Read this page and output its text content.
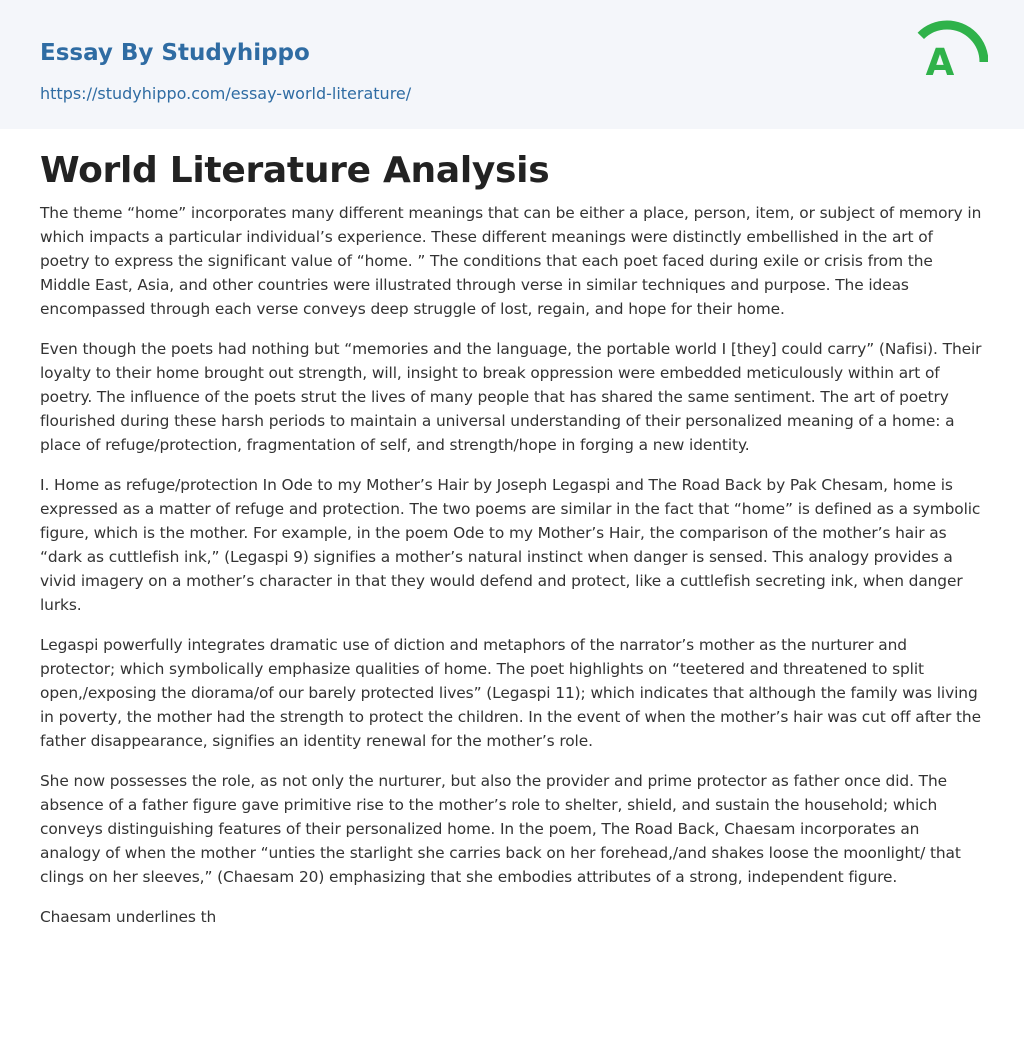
Essay By Studyhippo
https://studyhippo.com/essay-world-literature/
A
World Literature Analysis

The theme “home” incorporates many different meanings that can be either a place, person, item, or subject of memory in which impacts a particular individual’s experience. These different meanings were distinctly embellished in the art of poetry to express the significant value of “home. ” The conditions that each poet faced during exile or crisis from the Middle East, Asia, and other countries were illustrated through verse in similar techniques and purpose. The ideas encompassed through each verse conveys deep struggle of lost, regain, and hope for their home.

Even though the poets had nothing but “memories and the language, the portable world I [they] could carry” (Nafisi). Their loyalty to their home brought out strength, will, insight to break oppression were embedded meticulously within art of poetry. The influence of the poets strut the lives of many people that has shared the same sentiment. The art of poetry flourished during these harsh periods to maintain a universal understanding of their personalized meaning of a home: a place of refuge/protection, fragmentation of self, and strength/hope in forging a new identity.

I. Home as refuge/protection In Ode to my Mother’s Hair by Joseph Legaspi and The Road Back by Pak Chesam, home is expressed as a matter of refuge and protection. The two poems are similar in the fact that “home” is defined as a symbolic figure, which is the mother. For example, in the poem Ode to my Mother’s Hair, the comparison of the mother’s hair as “dark as cuttlefish ink,” (Legaspi 9) signifies a mother’s natural instinct when danger is sensed. This analogy provides a vivid imagery on a mother’s character in that they would defend and protect, like a cuttlefish secreting ink, when danger lurks.

Legaspi powerfully integrates dramatic use of diction and metaphors of the narrator’s mother as the nurturer and protector; which symbolically emphasize qualities of home. The poet highlights on “teetered and threatened to split open,/exposing the diorama/of our barely protected lives” (Legaspi 11); which indicates that although the family was living in poverty, the mother had the strength to protect the children. In the event of when the mother’s hair was cut off after the father disappearance, signifies an identity renewal for the mother’s role.

She now possesses the role, as not only the nurturer, but also the provider and prime protector as father once did. The absence of a father figure gave primitive rise to the mother’s role to shelter, shield, and sustain the household; which conveys distinguishing features of their personalized home. In the poem, The Road Back, Chaesam incorporates an analogy of when the mother “unties the starlight she carries back on her forehead,/and shakes loose the moonlight/ that clings on her sleeves,” (Chaesam 20) emphasizing that she embodies attributes of a strong, independent figure.

Chaesam underlines th
